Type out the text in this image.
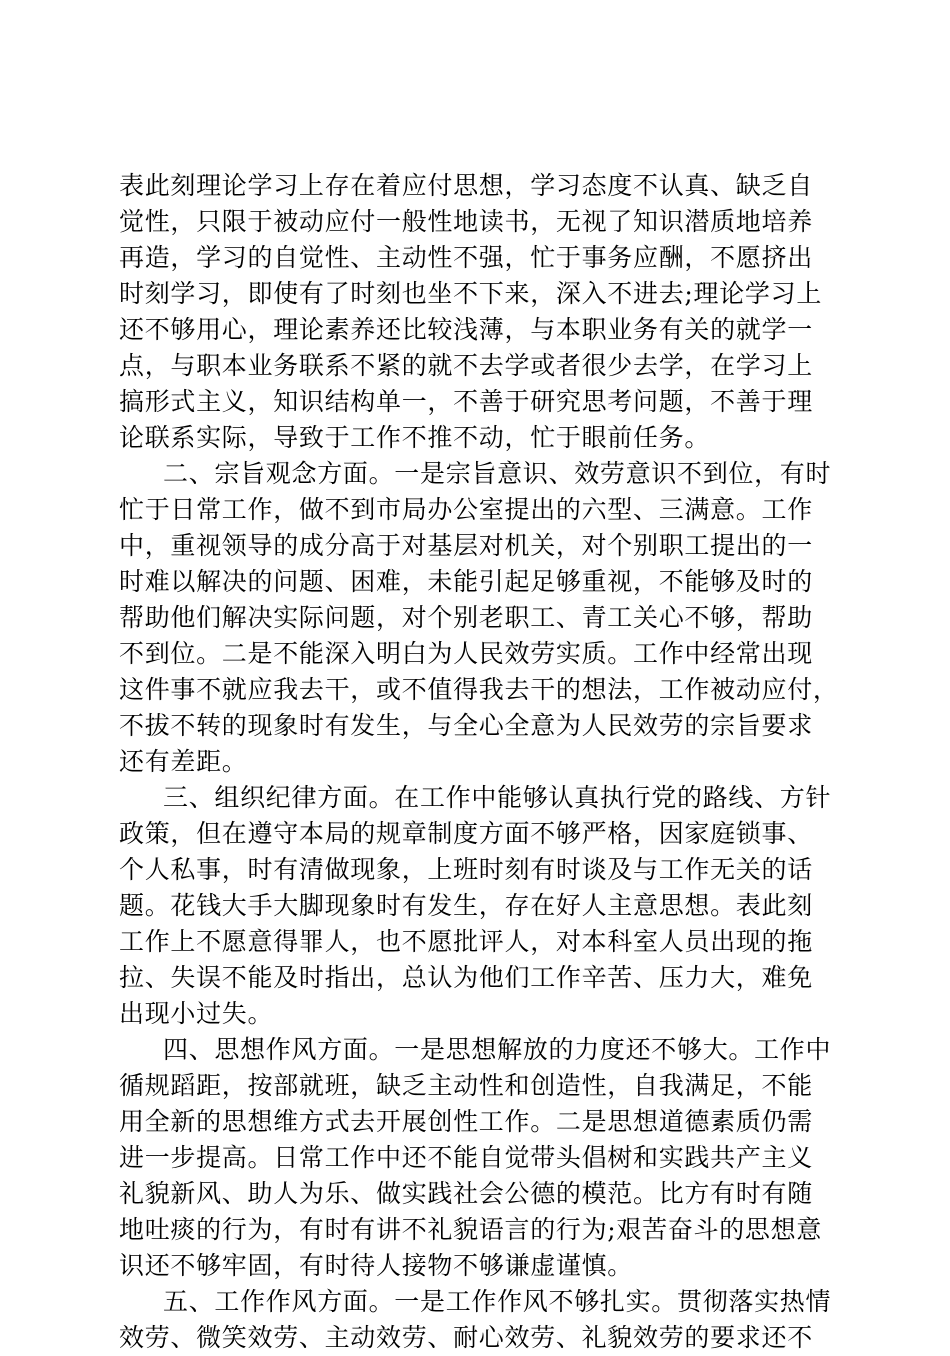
表此刻理论学习上存在着应付思想，学习态度不认真、缺乏自
觉性，只限于被动应付一般性地读书，无视了知识潜质地培养
再造，学习的自觉性、主动性不强，忙于事务应酬，不愿挤出
时刻学习，即使有了时刻也坐不下来，深入不进去;理论学习上
还不够用心，理论素养还比较浅薄，与本职业务有关的就学一
点，与职本业务联系不紧的就不去学或者很少去学，在学习上
搞形式主义，知识结构单一，不善于研究思考问题，不善于理
论联系实际，导致于工作不推不动，忙于眼前任务。
二、宗旨观念方面。一是宗旨意识、效劳意识不到位，有时
忙于日常工作，做不到市局办公室提出的六型、三满意。工作
中，重视领导的成分高于对基层对机关，对个别职工提出的一
时难以解决的问题、困难，未能引起足够重视，不能够及时的
帮助他们解决实际问题，对个别老职工、青工关心不够，帮助
不到位。二是不能深入明白为人民效劳实质。工作中经常出现
这件事不就应我去干，或不值得我去干的想法，工作被动应付，
不拔不转的现象时有发生，与全心全意为人民效劳的宗旨要求
还有差距。
三、组织纪律方面。在工作中能够认真执行党的路线、方针
政策，但在遵守本局的规章制度方面不够严格，因家庭锁事、
个人私事，时有清做现象，上班时刻有时谈及与工作无关的话
题。花钱大手大脚现象时有发生，存在好人主意思想。表此刻
工作上不愿意得罪人，也不愿批评人，对本科室人员出现的拖
拉、失误不能及时指出，总认为他们工作辛苦、压力大，难免
出现小过失。
四、思想作风方面。一是思想解放的力度还不够大。工作中
循规蹈距，按部就班，缺乏主动性和创造性，自我满足，不能
用全新的思想维方式去开展创性工作。二是思想道德素质仍需
进一步提高。日常工作中还不能自觉带头倡树和实践共产主义
礼貌新风、助人为乐、做实践社会公德的模范。比方有时有随
地吐痰的行为，有时有讲不礼貌语言的行为;艰苦奋斗的思想意
识还不够牢固，有时待人接物不够谦虚谨慎。
五、工作作风方面。一是工作作风不够扎实。贯彻落实热情
效劳、微笑效劳、主动效劳、耐心效劳、礼貌效劳的要求还不
